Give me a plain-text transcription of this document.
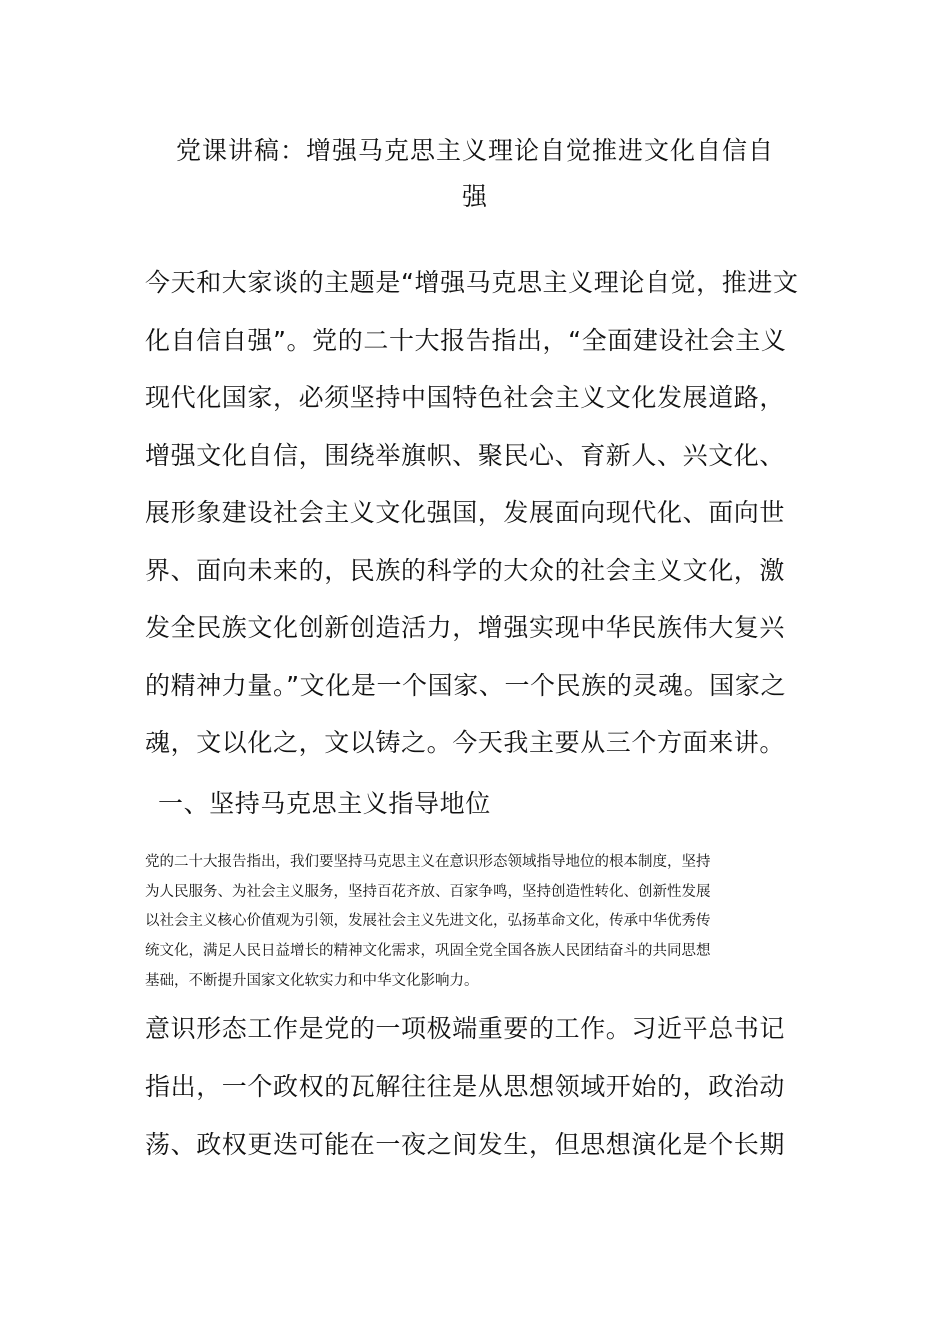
党课讲稿：增强马克思主义理论自觉推进文化自信自
强
今天和大家谈的主题是“增强马克思主义理论自觉，推进文
化自信自强”。党的二十大报告指出，“全面建设社会主义
现代化国家，必须坚持中国特色社会主义文化发展道路，
增强文化自信，围绕举旗帜、聚民心、育新人、兴文化、
展形象建设社会主义文化强国，发展面向现代化、面向世
界、面向未来的，民族的科学的大众的社会主义文化，激
发全民族文化创新创造活力，增强实现中华民族伟大复兴
的精神力量。”文化是一个国家、一个民族的灵魂。国家之
魂，文以化之，文以铸之。今天我主要从三个方面来讲。
一、坚持马克思主义指导地位
党的二十大报告指出，我们要坚持马克思主义在意识形态领域指导地位的根本制度，坚持
为人民服务、为社会主义服务，坚持百花齐放、百家争鸣，坚持创造性转化、创新性发展
以社会主义核心价值观为引领，发展社会主义先进文化，弘扬革命文化，传承中华优秀传
统文化，满足人民日益增长的精神文化需求，巩固全党全国各族人民团结奋斗的共同思想
基础，不断提升国家文化软实力和中华文化影响力。
意识形态工作是党的一项极端重要的工作。习近平总书记
指出，一个政权的瓦解往往是从思想领域开始的，政治动
荡、政权更迭可能在一夜之间发生，但思想演化是个长期
